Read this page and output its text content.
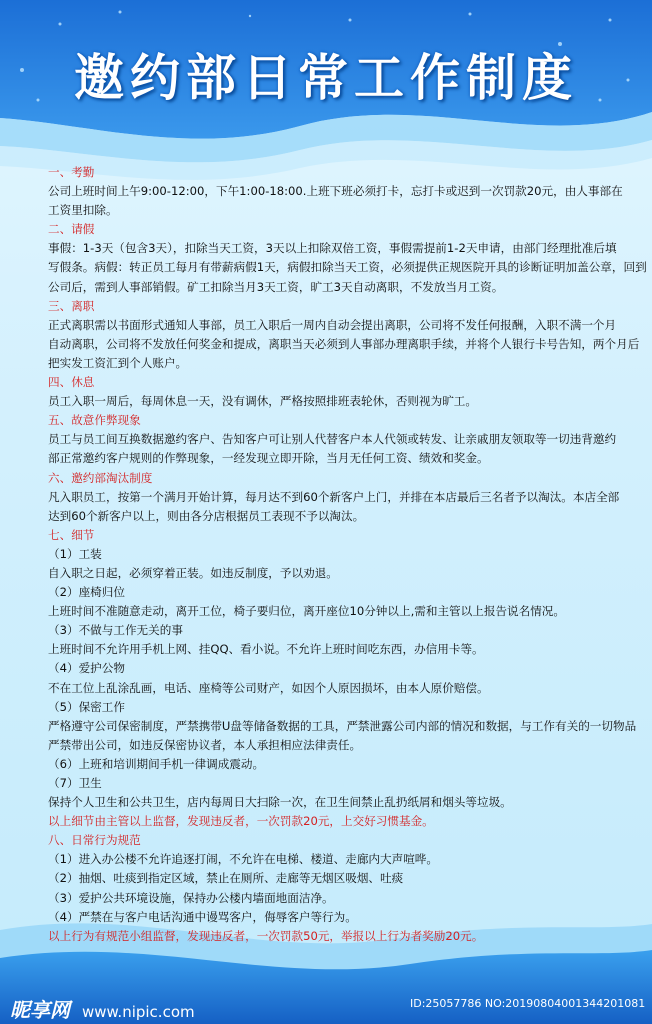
邀约部日常工作制度
一、考勤
公司上班时间上午9:00-12:00，下午1:00-18:00.上班下班必须打卡，忘打卡或迟到一次罚款20元，由人事部在
工资里扣除。
二、请假
事假：1-3天（包含3天），扣除当天工资，3天以上扣除双倍工资，事假需提前1-2天申请，由部门经理批准后填
写假条。病假：转正员工每月有带薪病假1天，病假扣除当天工资，必须提供正规医院开具的诊断证明加盖公章，回到
公司后，需到人事部销假。矿工扣除当月3天工资，旷工3天自动离职，不发放当月工资。
三、离职
正式离职需以书面形式通知人事部，员工入职后一周内自动会提出离职，公司将不发任何报酬，入职不满一个月
自动离职，公司将不发放任何奖金和提成，离职当天必须到人事部办理离职手续，并将个人银行卡号告知，两个月后
把实发工资汇到个人账户。
四、休息
员工入职一周后，每周休息一天，没有调休，严格按照排班表轮休，否则视为旷工。
五、故意作弊现象
员工与员工间互换数据邀约客户、告知客户可让别人代替客户本人代领或转发、让亲戚朋友领取等一切违背邀约
部正常邀约客户规则的作弊现象，一经发现立即开除，当月无任何工资、绩效和奖金。
六、邀约部淘汰制度
凡入职员工，按第一个满月开始计算，每月达不到60个新客户上门，并排在本店最后三名者予以淘汰。本店全部
达到60个新客户以上，则由各分店根据员工表现不予以淘汰。
七、细节
（1）工装
自入职之日起，必须穿着正装。如违反制度，予以劝退。
（2）座椅归位
上班时间不准随意走动，离开工位，椅子要归位，离开座位10分钟以上,需和主管以上报告说名情况。
（3）不做与工作无关的事
上班时间不允许用手机上网、挂QQ、看小说。不允许上班时间吃东西，办信用卡等。
（4）爱护公物
不在工位上乱涂乱画，电话、座椅等公司财产，如因个人原因损坏，由本人原价赔偿。
（5）保密工作
严格遵守公司保密制度，严禁携带U盘等储备数据的工具，严禁泄露公司内部的情况和数据，与工作有关的一切物品
严禁带出公司，如违反保密协议者，本人承担相应法律责任。
（6）上班和培训期间手机一律调成震动。
（7）卫生
保持个人卫生和公共卫生，店内每周日大扫除一次，在卫生间禁止乱扔纸屑和烟头等垃圾。
以上细节由主管以上监督，发现违反者，一次罚款20元，上交好习惯基金。
八、日常行为规范
（1）进入办公楼不允许追逐打闹，不允许在电梯、楼道、走廊内大声喧哗。
（2）抽烟、吐痰到指定区域，禁止在厕所、走廊等无烟区吸烟、吐痰
（3）爱护公共环境设施，保持办公楼内墙面地面洁净。
（4）严禁在与客户电话沟通中谩骂客户，侮辱客户等行为。
以上行为有规范小组监督，发现违反者，一次罚款50元，举报以上行为者奖励20元。
昵享网 www.nipic.com	ID:25057786 NO:20190804001344201081
